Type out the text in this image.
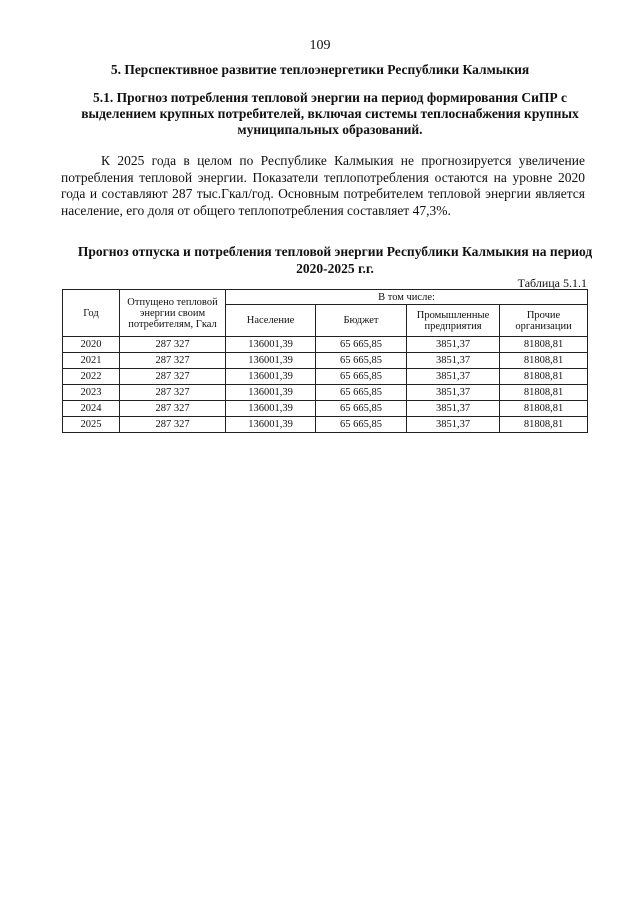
109
5. Перспективное развитие теплоэнергетики Республики Калмыкия
5.1. Прогноз потребления тепловой энергии на период формирования СиПР с выделением крупных потребителей, включая системы теплоснабжения крупных муниципальных образований.
К 2025 года в целом по Республике Калмыкия не прогнозируется увеличение потребления тепловой энергии. Показатели теплопотребления остаются на уровне 2020 года и составляют 287 тыс.Гкал/год. Основным потребителем тепловой энергии является население, его доля от общего теплопотребления составляет 47,3%.
Прогноз отпуска и потребления тепловой энергии Республики Калмыкия на период 2020-2025 г.г.
Таблица 5.1.1
Год	Отпущено тепловой энергии своим потребителям, Гкал	В том числе:			
		Население	Бюджет	Промышленные предприятия	Прочие организации
2020	287 327	136001,39	65 665,85	3851,37	81808,81
2021	287 327	136001,39	65 665,85	3851,37	81808,81
2022	287 327	136001,39	65 665,85	3851,37	81808,81
2023	287 327	136001,39	65 665,85	3851,37	81808,81
2024	287 327	136001,39	65 665,85	3851,37	81808,81
2025	287 327	136001,39	65 665,85	3851,37	81808,81
